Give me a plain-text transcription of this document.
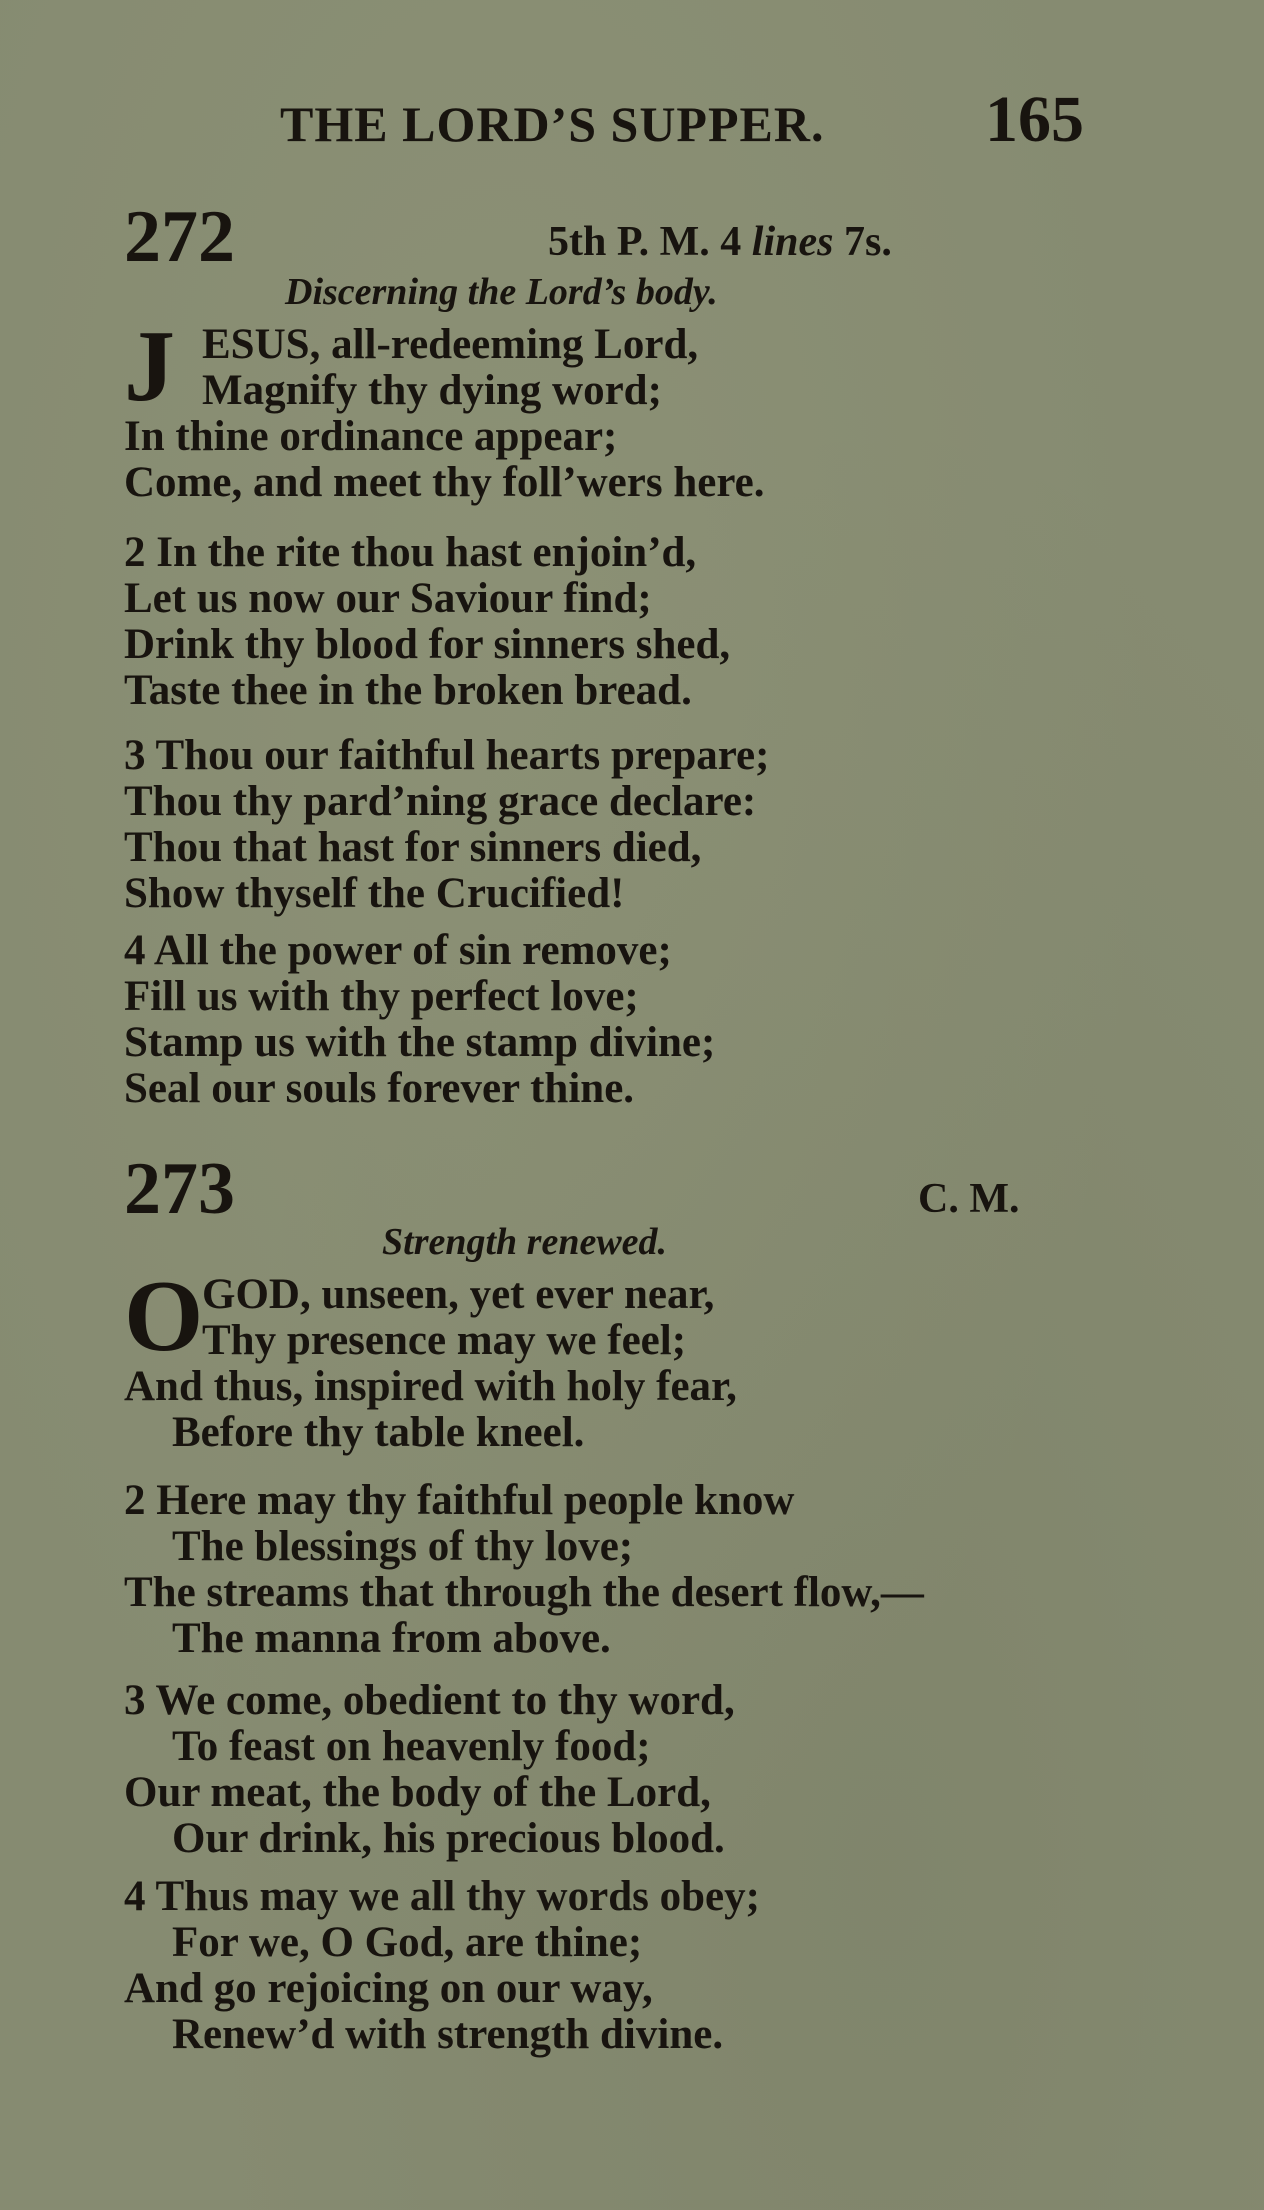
THE LORD’S SUPPER. 165
272	5th P. M. 4 lines 7s.
Discerning the Lord’s body.
J ESUS, all-redeeming Lord,
Magnify thy dying word;
In thine ordinance appear;
Come, and meet thy foll’wers here.
2 In the rite thou hast enjoin’d,
Let us now our Saviour find;
Drink thy blood for sinners shed,
Taste thee in the broken bread.
3 Thou our faithful hearts prepare;
Thou thy pard’ning grace declare:
Thou that hast for sinners died,
Show thyself the Crucified!
4 All the power of sin remove;
Fill us with thy perfect love;
Stamp us with the stamp divine;
Seal our souls forever thine.
273	C. M.
Strength renewed.
O
GOD, unseen, yet ever near,
Thy presence may we feel;
And thus, inspired with holy fear,
Before thy table kneel.
2 Here may thy faithful people know
The blessings of thy love;
The streams that through the desert flow,—
The manna from above.
3 We come, obedient to thy word,
To feast on heavenly food;
Our meat, the body of the Lord,
Our drink, his precious blood.
4 Thus may we all thy words obey;
For we, O God, are thine;
And go rejoicing on our way,
Renew’d with strength divine.
